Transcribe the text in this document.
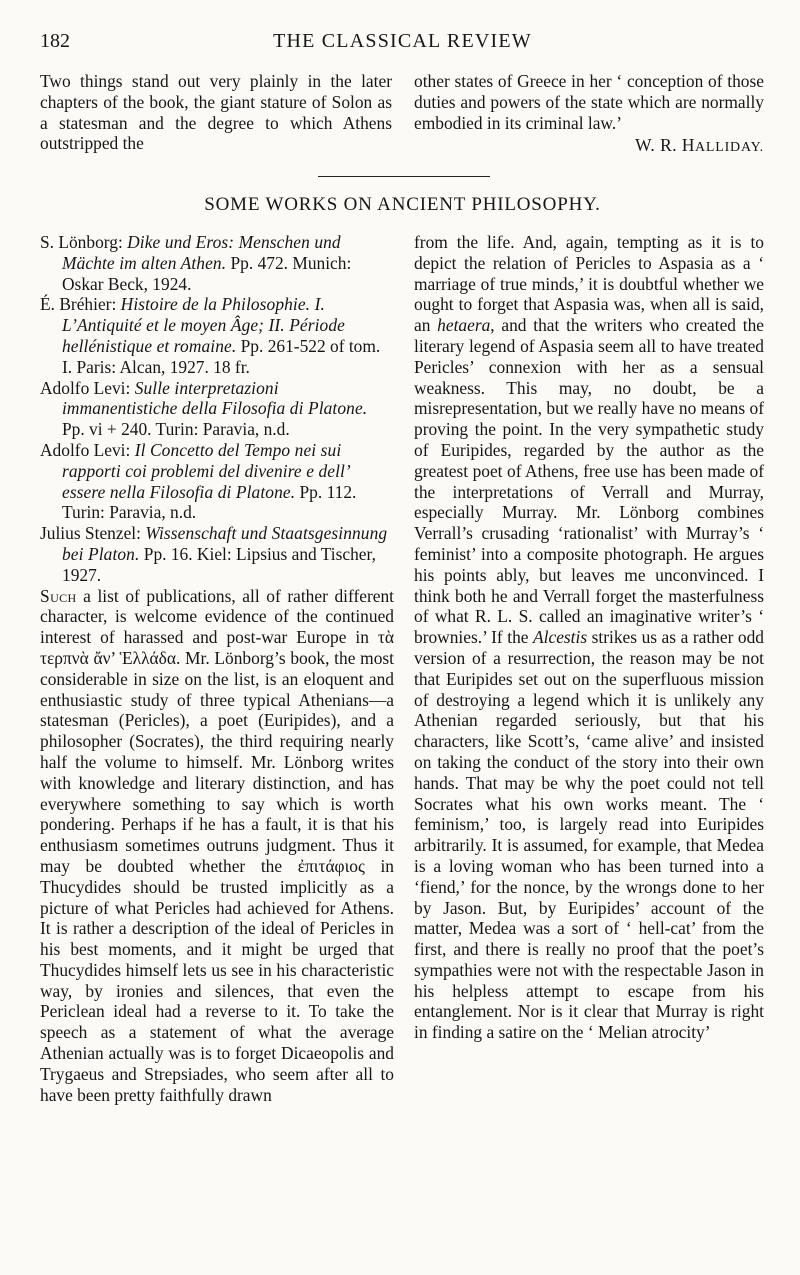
182	THE CLASSICAL REVIEW

Two things stand out very plainly in the later chapters of the book, the giant stature of Solon as a statesman and the degree to which Athens outstripped the

other states of Greece in her ‘ conception of those duties and powers of the state which are normally embodied in its criminal law.’

W. R. HALLIDAY.
SOME WORKS ON ANCIENT PHILOSOPHY.

S. Lönborg: Dike und Eros: Menschen und Mächte im alten Athen. Pp. 472. Munich: Oskar Beck, 1924.

É. Bréhier: Histoire de la Philosophie. I. L’Antiquité et le moyen Âge; II. Période hellénistique et romaine. Pp. 261-522 of tom. I. Paris: Alcan, 1927. 18 fr.

Adolfo Levi: Sulle interpretazioni immanentistiche della Filosofia di Platone. Pp. vi + 240. Turin: Paravia, n.d.

Adolfo Levi: Il Concetto del Tempo nei sui rapporti coi problemi del divenire e dell’ essere nella Filosofia di Platone. Pp. 112. Turin: Paravia, n.d.

Julius Stenzel: Wissenschaft und Staatsgesinnung bei Platon. Pp. 16. Kiel: Lipsius and Tischer, 1927.

Such a list of publications, all of rather different character, is welcome evidence of the continued interest of harassed and post-war Europe in τὰ τερπνὰ ἄν’ Ἑλλάδα. Mr. Lönborg’s book, the most considerable in size on the list, is an eloquent and enthusiastic study of three typical Athenians—a statesman (Pericles), a poet (Euripides), and a philosopher (Socrates), the third requiring nearly half the volume to himself. Mr. Lönborg writes with knowledge and literary distinction, and has everywhere something to say which is worth pondering. Perhaps if he has a fault, it is that his enthusiasm sometimes outruns judgment. Thus it may be doubted whether the ἐπιτάφιος in Thucydides should be trusted implicitly as a picture of what Pericles had achieved for Athens. It is rather a description of the ideal of Pericles in his best moments, and it might be urged that Thucydides himself lets us see in his characteristic way, by ironies and silences, that even the Periclean ideal had a reverse to it. To take the speech as a statement of what the average Athenian actually was is to forget Dicaeopolis and Trygaeus and Strepsiades, who seem after all to have been pretty faithfully drawn

from the life. And, again, tempting as it is to depict the relation of Pericles to Aspasia as a ‘ marriage of true minds,’ it is doubtful whether we ought to forget that Aspasia was, when all is said, an hetaera, and that the writers who created the literary legend of Aspasia seem all to have treated Pericles’ connexion with her as a sensual weakness. This may, no doubt, be a misrepresentation, but we really have no means of proving the point. In the very sympathetic study of Euripides, regarded by the author as the greatest poet of Athens, free use has been made of the interpretations of Verrall and Murray, especially Murray. Mr. Lönborg combines Verrall’s crusading ‘rationalist’ with Murray’s ‘ feminist’ into a composite photograph. He argues his points ably, but leaves me unconvinced. I think both he and Verrall forget the masterfulness of what R. L. S. called an imaginative writer’s ‘ brownies.’ If the Alcestis strikes us as a rather odd version of a resurrection, the reason may be not that Euripides set out on the superfluous mission of destroying a legend which it is unlikely any Athenian regarded seriously, but that his characters, like Scott’s, ‘came alive’ and insisted on taking the conduct of the story into their own hands. That may be why the poet could not tell Socrates what his own works meant. The ‘ feminism,’ too, is largely read into Euripides arbitrarily. It is assumed, for example, that Medea is a loving woman who has been turned into a ‘fiend,’ for the nonce, by the wrongs done to her by Jason. But, by Euripides’ account of the matter, Medea was a sort of ‘ hell-cat’ from the first, and there is really no proof that the poet’s sympathies were not with the respectable Jason in his helpless attempt to escape from his entanglement. Nor is it clear that Murray is right in finding a satire on the ‘ Melian atrocity’
